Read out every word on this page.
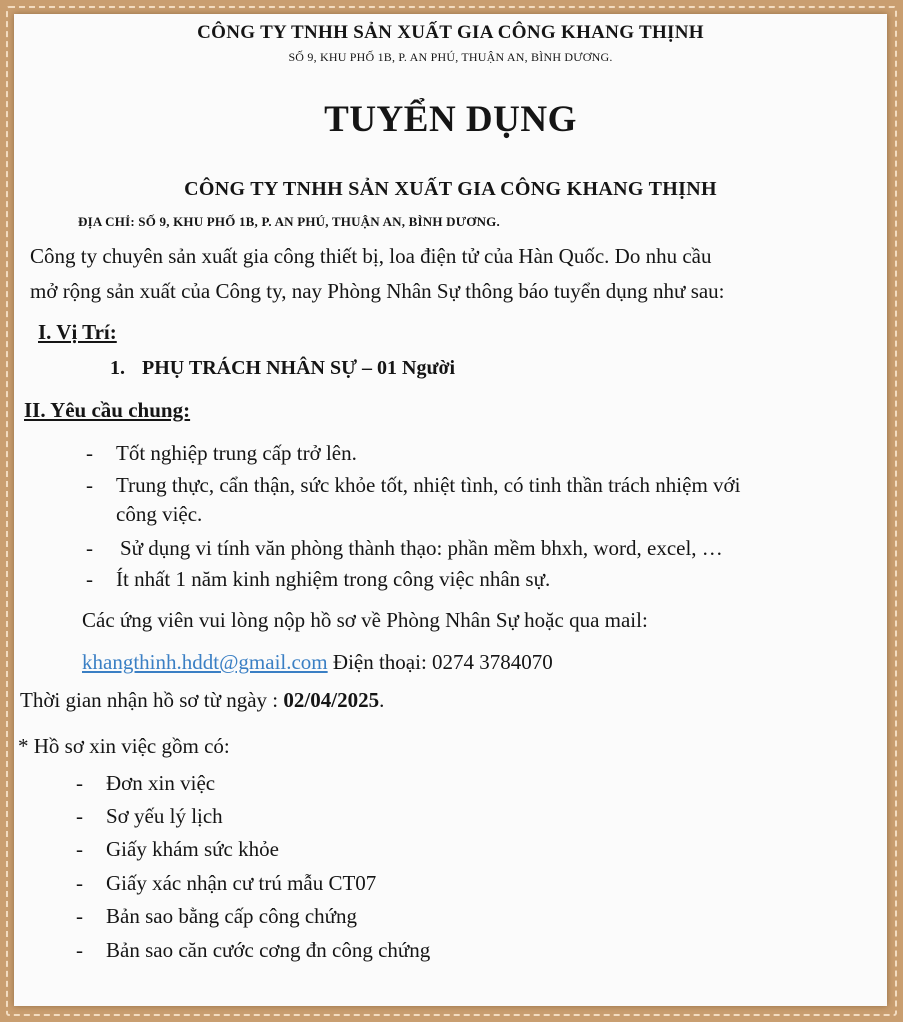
CÔNG TY TNHH SẢN XUẤT GIA CÔNG KHANG THỊNH
SỐ 9, KHU PHỐ 1B, P. AN PHÚ, THUẬN AN, BÌNH DƯƠNG.
TUYỂN DỤNG
CÔNG TY TNHH SẢN XUẤT GIA CÔNG KHANG THỊNH
ĐỊA CHỈ: SỐ 9, KHU PHỐ 1B, P. AN PHÚ, THUẬN AN, BÌNH DƯƠNG.
Công ty chuyên sản xuất gia công thiết bị, loa điện tử của Hàn Quốc. Do nhu cầu
mở rộng sản xuất của Công ty, nay Phòng Nhân Sự thông báo tuyển dụng như sau:
I. Vị Trí:
1. PHỤ TRÁCH NHÂN SỰ – 01 Người
II. Yêu cầu chung:
- Tốt nghiệp trung cấp trở lên.
- Trung thực, cẩn thận, sức khỏe tốt, nhiệt tình, có tinh thần trách nhiệm với
công việc.
- Sử dụng vi tính văn phòng thành thạo: phần mềm bhxh, word, excel, …
- Ít nhất 1 năm kinh nghiệm trong công việc nhân sự.
Các ứng viên vui lòng nộp hồ sơ về Phòng Nhân Sự hoặc qua mail:
khangthinh.hddt@gmail.com Điện thoại: 0274 3784070
Thời gian nhận hồ sơ từ ngày : 02/04/2025.
* Hồ sơ xin việc gồm có:
- Đơn xin việc
- Sơ yếu lý lịch
- Giấy khám sức khỏe
- Giấy xác nhận cư trú mẫu CT07
- Bản sao bằng cấp công chứng
- Bản sao căn cước cơng đn công chứng
